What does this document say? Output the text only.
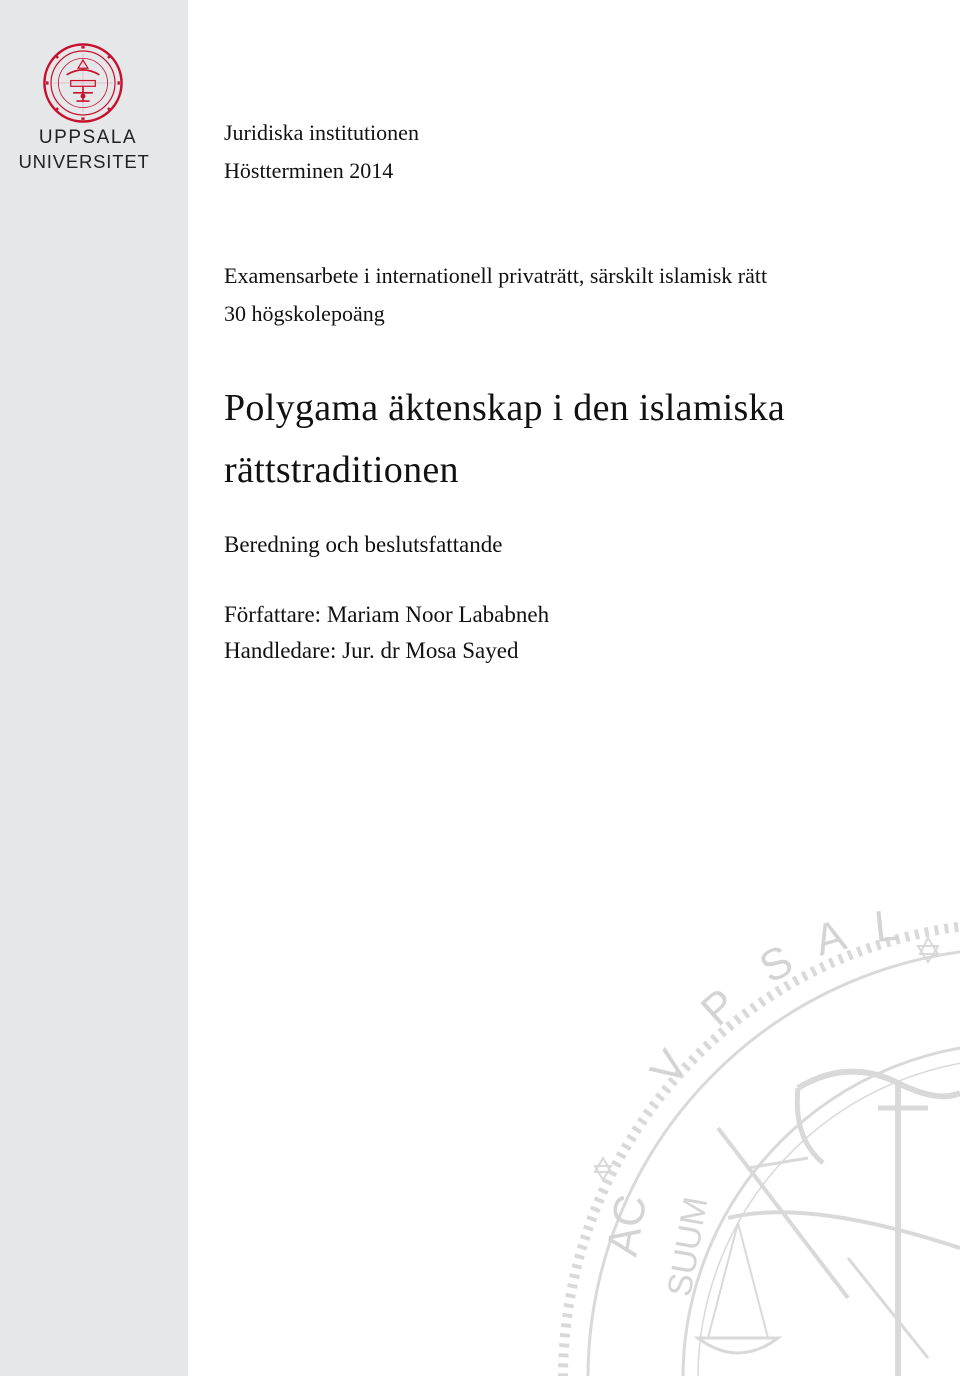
UPPSALA
UNIVERSITET

Juridiska institutionen

Höstterminen 2014

Examensarbete i internationell privaträtt, särskilt islamisk rätt

30 högskolepoäng

Polygama äktenskap i den islamiska
rättstraditionen

Beredning och beslutsfattande

Författare: Mariam Noor Lababneh

Handledare: Jur. dr Mosa Sayed

AC
V
P
S A L
SUUM
